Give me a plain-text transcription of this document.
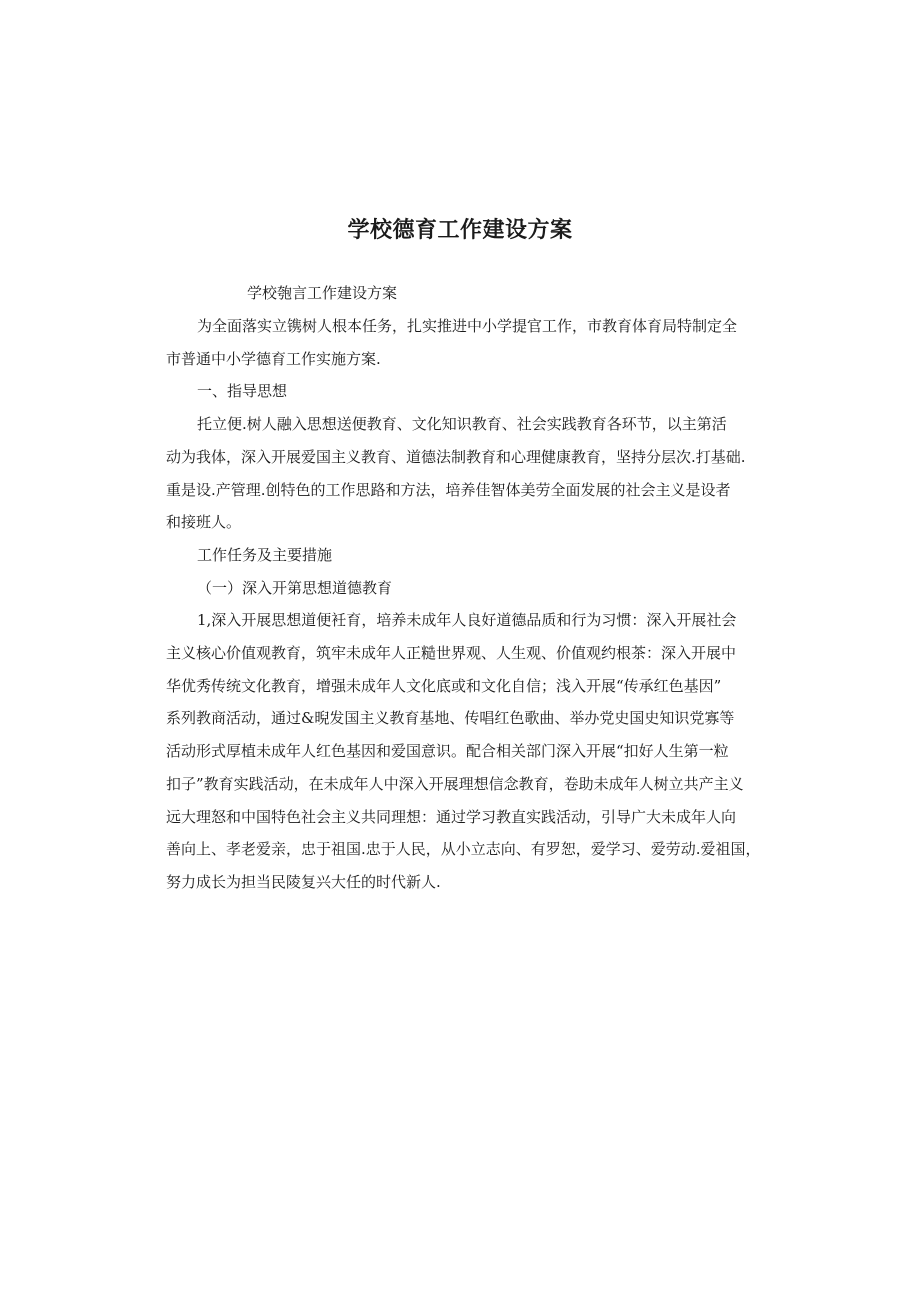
学校德育工作建设方案
学校匏言工作建设方案
为全面落实立镌树人根本任务，扎实推进中小学提官工作，市教育体育局特制定全
市普通中小学德育工作实施方案.
一、指导思想
托立便.树人融入思想送便教育、文化知识教育、社会实践教育各环节，以主第活
动为我体，深入开展爱国主义教育、道德法制教育和心理健康教育，坚持分层次.打基础.
重是设.产管理.创特色的工作思路和方法，培养佳智体美劳全面发展的社会主义是设者
和接班人。
工作任务及主要措施
（一）深入开第思想道德教育
1,深入开展思想道便衽育，培养未成年人良好道德品质和行为习惯：深入开展社会
主义核心价值观教育，筑牢未成年人正糙世界观、人生观、价值观约根茶：深入开展中
华优秀传统文化教育，增强未成年人文化底或和文化自信；浅入开展“传承红色基因”
系列教商活动，通过&晲发国主义教育基地、传唱红色歌曲、举办党史国史知识党寡等
活动形式厚植未成年人红色基因和爱国意识。配合相关部门深入开展“扣好人生第一粒
扣子”教育实践活动，在未成年人中深入开展理想信念教育，卷助未成年人树立共产主义
远大理怒和中国特色社会主义共同理想：通过学习教直实践活动，引导广大未成年人向
善向上、孝老爱亲，忠于祖国.忠于人民，从小立志向、有罗恕，爱学习、爱劳动.爱祖国，
努力成长为担当民陵复兴大任的时代新人.
